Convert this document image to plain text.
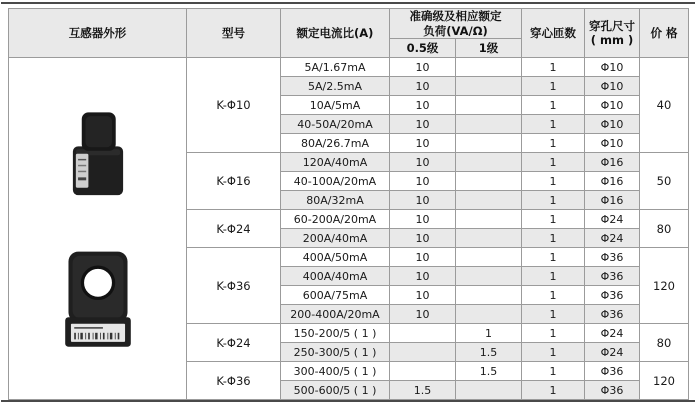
互感器外形	型号	额定电流比(A)	
准确级及相应额定
负荷(VA/Ω)	穿心匝数	
穿孔尺寸
( mm )
	价 格
			0.5级	1级			

	K-Φ10	5A/1.67mA	10		1	Φ10	40
		5A/2.5mA	10		1	Φ10	
		10A/5mA	10		1	Φ10	
		40-50A/20mA	10		1	Φ10	
		80A/26.7mA	10		1	Φ10	
	K-Φ16	120A/40mA	10		1	Φ16	50
		40-100A/20mA	10		1	Φ16	
		80A/32mA	10		1	Φ16	
	K-Φ24	60-200A/20mA	10		1	Φ24	80
		200A/40mA	10		1	Φ24	
	K-Φ36	400A/50mA	10		1	Φ36	120
		400A/40mA	10		1	Φ36	
		600A/75mA	10		1	Φ36	
		200-400A/20mA	10		1	Φ36	
	K-Φ24	150-200/5 ( 1 )		1	1	Φ24	80
		250-300/5 ( 1 )		1.5	1	Φ24	
	K-Φ36	300-400/5 ( 1 )		1.5	1	Φ36	120
		500-600/5 ( 1 )	1.5		1	Φ36	
